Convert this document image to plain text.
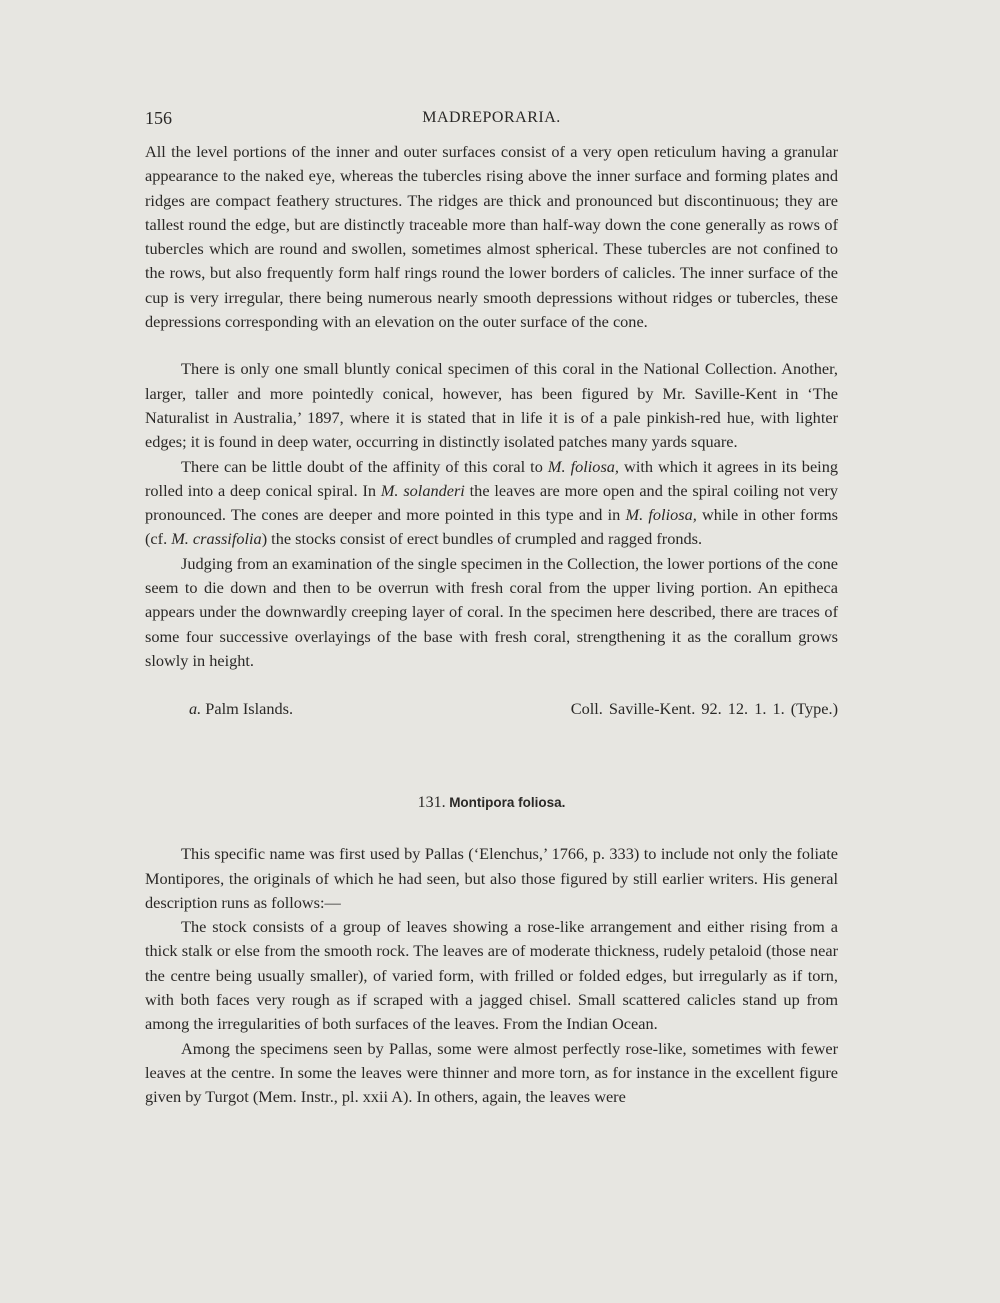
156	MADREPORARIA.

All the level portions of the inner and outer surfaces consist of a very open reticulum having a granular appearance to the naked eye, whereas the tubercles rising above the inner surface and forming plates and ridges are compact feathery structures. The ridges are thick and pronounced but discontinuous; they are tallest round the edge, but are distinctly traceable more than half-way down the cone generally as rows of tubercles which are round and swollen, sometimes almost spherical. These tubercles are not confined to the rows, but also frequently form half rings round the lower borders of calicles. The inner surface of the cup is very irregular, there being numerous nearly smooth depressions without ridges or tubercles, these depressions corresponding with an elevation on the outer surface of the cone.

There is only one small bluntly conical specimen of this coral in the National Collection. Another, larger, taller and more pointedly conical, however, has been figured by Mr. Saville-Kent in ‘The Naturalist in Australia,’ 1897, where it is stated that in life it is of a pale pinkish-red hue, with lighter edges; it is found in deep water, occurring in distinctly isolated patches many yards square.

There can be little doubt of the affinity of this coral to M. foliosa, with which it agrees in its being rolled into a deep conical spiral. In M. solanderi the leaves are more open and the spiral coiling not very pronounced. The cones are deeper and more pointed in this type and in M. foliosa, while in other forms (cf. M. crassifolia) the stocks consist of erect bundles of crumpled and ragged fronds.

Judging from an examination of the single specimen in the Collection, the lower portions of the cone seem to die down and then to be overrun with fresh coral from the upper living portion. An epitheca appears under the downwardly creeping layer of coral. In the specimen here described, there are traces of some four successive overlayings of the base with fresh coral, strengthening it as the corallum grows slowly in height.

a. Palm Islands.	Coll. Saville-Kent. 92. 12. 1. 1. (Type.)
131. Montipora foliosa.

This specific name was first used by Pallas (‘Elenchus,’ 1766, p. 333) to include not only the foliate Montipores, the originals of which he had seen, but also those figured by still earlier writers. His general description runs as follows:—

The stock consists of a group of leaves showing a rose-like arrangement and either rising from a thick stalk or else from the smooth rock. The leaves are of moderate thickness, rudely petaloid (those near the centre being usually smaller), of varied form, with frilled or folded edges, but irregularly as if torn, with both faces very rough as if scraped with a jagged chisel. Small scattered calicles stand up from among the irregularities of both surfaces of the leaves. From the Indian Ocean.

Among the specimens seen by Pallas, some were almost perfectly rose-like, sometimes with fewer leaves at the centre. In some the leaves were thinner and more torn, as for instance in the excellent figure given by Turgot (Mem. Instr., pl. xxii A). In others, again, the leaves were
